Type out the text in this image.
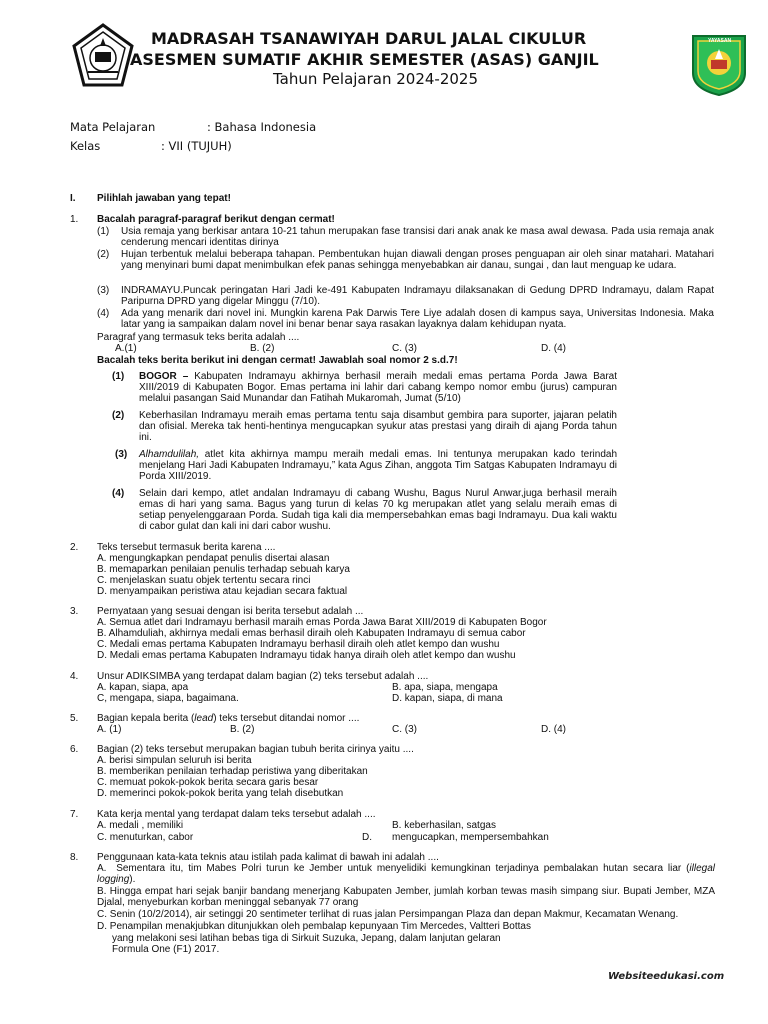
MADRASAH TSANAWIYAH DARUL JALAL CIKULUR
ASESMEN SUMATIF AKHIR SEMESTER (ASAS) GANJIL
Tahun Pelajaran 2024-2025
YAYASAN
Mata Pelajaran	: Bahasa Indonesia
Kelas	: VII (TUJUH)
I. Pilihlah jawaban yang tepat!
1. Bacalah paragraf-paragraf berikut dengan cermat!
(1) Usia remaja yang berkisar antara 10-21 tahun merupakan fase transisi dari anak anak ke masa awal dewasa. Pada usia remaja anak cenderung mencari identitas dirinya
(2) Hujan terbentuk melalui beberapa tahapan. Pembentukan hujan diawali dengan proses penguapan air oleh sinar matahari. Matahari yang menyinari bumi dapat menimbulkan efek panas sehingga menyebabkan air danau, sungai , dan laut menguap ke udara.
(3) INDRAMAYU.Puncak peringatan Hari Jadi ke-491 Kabupaten Indramayu dilaksanakan di Gedung DPRD Indramayu, dalam Rapat Paripurna DPRD yang digelar Minggu (7/10).
(4) Ada yang menarik dari novel ini. Mungkin karena Pak Darwis Tere Liye adalah dosen di kampus saya, Universitas Indonesia. Maka latar yang ia sampaikan dalam novel ini benar benar saya rasakan layaknya dalam kehidupan nyata.
Paragraf yang termasuk teks berita adalah ....
A.(1)	B. (2)	C. (3)	D. (4)
Bacalah teks berita berikut ini dengan cermat! Jawablah soal nomor 2 s.d.7!
(1) BOGOR – Kabupaten Indramayu akhirnya berhasil meraih medali emas pertama Porda Jawa Barat XIII/2019 di Kabupaten Bogor. Emas pertama ini lahir dari cabang kempo nomor embu (jurus) campuran melalui pasangan Said Munandar dan Fatihah Mukaromah, Jumat (5/10)
(2) Keberhasilan Indramayu meraih emas pertama tentu saja disambut gembira para suporter, jajaran pelatih dan ofisial. Mereka tak henti-hentinya mengucapkan syukur atas prestasi yang diraih di ajang Porda tahun ini.
(3) Alhamdulilah, atlet kita akhirnya mampu meraih medali emas. Ini tentunya merupakan kado terindah menjelang Hari Jadi Kabupaten Indramayu,” kata Agus Zihan, anggota Tim Satgas Kabupaten Indramayu di Porda XIII/2019.
(4) Selain dari kempo, atlet andalan Indramayu di cabang Wushu, Bagus Nurul Anwar,juga berhasil meraih emas di hari yang sama. Bagus yang turun di kelas 70 kg merupakan atlet yang selalu meraih emas di setiap penyelenggaraan Porda. Sudah tiga kali dia mempersebahkan emas bagi Indramayu. Dua kali waktu di cabor gulat dan kali ini dari cabor wushu.
2. Teks tersebut termasuk berita karena ....
A. mengungkapkan pendapat penulis disertai alasan
B. memaparkan penilaian penulis terhadap sebuah karya
C. menjelaskan suatu objek tertentu secara rinci
D. menyampaikan peristiwa atau kejadian secara faktual
3. Pernyataan yang sesuai dengan isi berita tersebut adalah ...
A. Semua atlet dari Indramayu berhasil maraih emas Porda Jawa Barat XIII/2019 di Kabupaten Bogor
B. Alhamduliah, akhirnya medali emas berhasil diraih oleh Kabupaten Indramayu di semua cabor
C. Medali emas pertama Kabupaten Indramayu berhasil diraih oleh atlet kempo dan wushu
D. Medali emas pertama Kabupaten Indramayu tidak hanya diraih oleh atlet kempo dan wushu
4. Unsur ADIKSIMBA yang terdapat dalam bagian (2) teks tersebut adalah ....
A. kapan, siapa, apa	B. apa, siapa, mengapa
C, mengapa, siapa, bagaimana.	D. kapan, siapa, di mana
5. Bagian kepala berita (lead) teks tersebut ditandai nomor ....
A. (1)	B. (2)	C. (3)	D. (4)
6. Bagian (2) teks tersebut merupakan bagian tubuh berita cirinya yaitu ....
A. berisi simpulan seluruh isi berita
B. memberikan penilaian terhadap peristiwa yang diberitakan
C. memuat pokok-pokok berita secara garis besar
D. memerinci pokok-pokok berita yang telah disebutkan
7. Kata kerja mental yang terdapat dalam teks tersebut adalah ....
A. medali , memiliki	B. keberhasilan, satgas
C. menuturkan, cabor	D. mengucapkan, mempersembahkan
8. Penggunaan kata-kata teknis atau istilah pada kalimat di bawah ini adalah ....
A.  Sementara itu, tim Mabes Polri turun ke Jember untuk menyelidiki kemungkinan terjadinya pembalakan hutan secara liar (illegal logging).
B. Hingga empat hari sejak banjir bandang menerjang Kabupaten Jember, jumlah korban tewas masih simpang siur. Bupati Jember, MZA Djalal, menyeburkan korban meninggal sebanyak 77 orang
C. Senin (10/2/2014), air setinggi 20 sentimeter terlihat di ruas jalan Persimpangan Plaza dan depan Makmur, Kecamatan Wenang.
D. Penampilan menakjubkan ditunjukkan oleh pembalap kepunyaan Tim Mercedes, Valtteri Bottas
yang melakoni sesi latihan bebas tiga di Sirkuit Suzuka, Jepang, dalam lanjutan gelaran
Formula One (F1) 2017.
Websiteedukasi.com
